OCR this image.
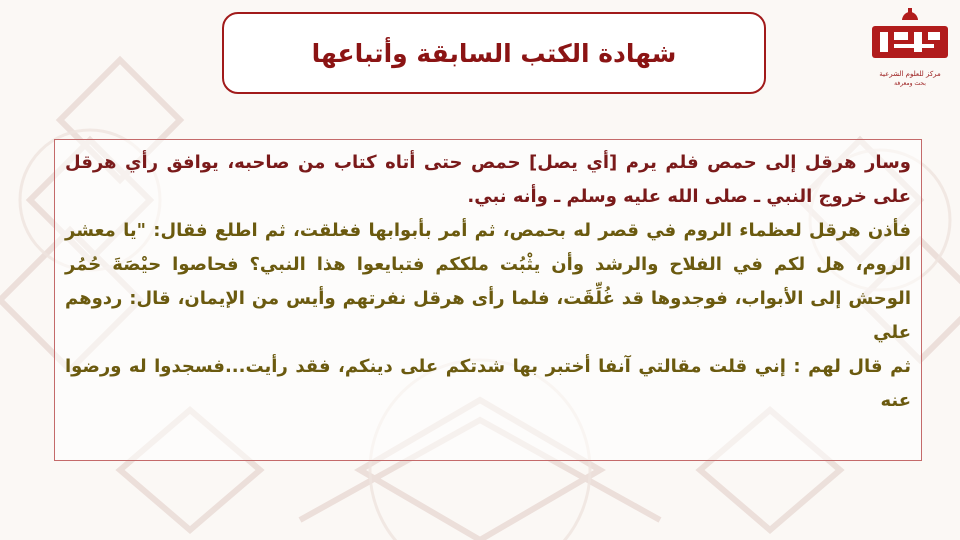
شهادة الكتب السابقة وأتباعها
مركز للعلوم الشرعية
بحث ومعرفة

وسار هرقل إلى حمص فلم يرم [أي يصل] حمص حتى أتاه كتاب من صاحبه، يوافق رأي هرقل على خروج النبي ـ صلى الله عليه وسلم ـ وأنه نبي.

فأذن هرقل لعظماء الروم في قصر له بحمص، ثم أمر بأبوابها فغلقت، ثم اطلع فقال: "يا معشر الروم، هل لكم في الفلاح والرشد وأن يثْبُت ملككم فتبايعوا هذا النبي؟ فحاصوا حيْصَةَ حُمُر الوحش إلى الأبواب، فوجدوها قد غُلِّقَت، فلما رأى هرقل نفرتهم وأيس من الإيمان، قال: ردوهم علي

ثم قال لهم : إني قلت مقالتي آنفا أختبر بها شدتكم على دينكم، فقد رأيت...فسجدوا له ورضوا عنه
